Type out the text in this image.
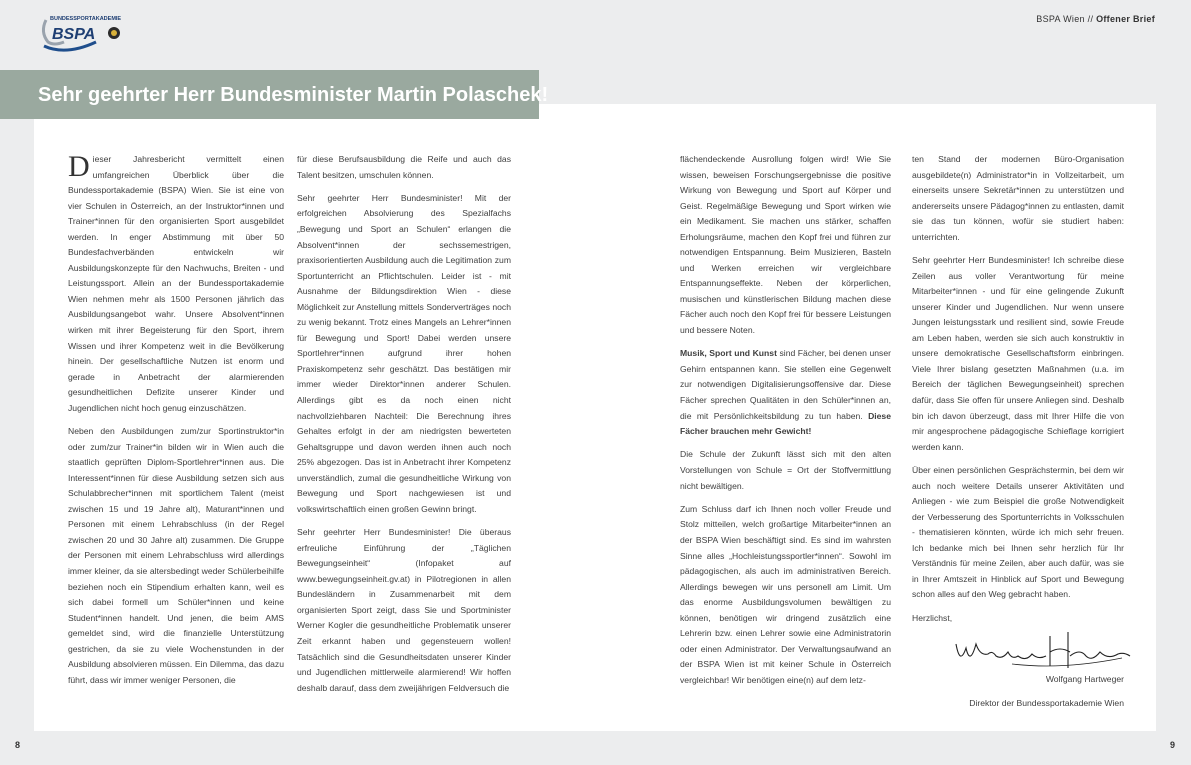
BUNDESSPORTAKADEMIE
BSPA
BSPA Wien // Offener Brief
Sehr geehrter Herr Bundesminister Martin Polaschek!

Dieser Jahresbericht vermittelt einen umfangreichen Überblick über die Bundessportakademie (BSPA) Wien. Sie ist eine von vier Schulen in Österreich, an der Instruktor*innen und Trainer*innen für den organisierten Sport ausgebildet werden. In enger Abstimmung mit über 50 Bundesfachverbänden entwickeln wir Ausbildungskonzepte für den Nachwuchs, Breiten - und Leistungssport. Allein an der Bundessportakademie Wien nehmen mehr als 1500 Personen jährlich das Ausbildungsangebot wahr. Unsere Absolvent*innen wirken mit ihrer Begeisterung für den Sport, ihrem Wissen und ihrer Kompetenz weit in die Bevölkerung hinein. Der gesellschaftliche Nutzen ist enorm und gerade in Anbetracht der alarmierenden gesundheitlichen Defizite unserer Kinder und Jugendlichen nicht hoch genug einzuschätzen.

Neben den Ausbildungen zum/zur Sportinstruktor*in oder zum/zur Trainer*in bilden wir in Wien auch die staatlich geprüften Diplom-Sportlehrer*innen aus. Die Interessent*innen für diese Ausbildung setzen sich aus Schulabbrecher*innen mit sportlichem Talent (meist zwischen 15 und 19 Jahre alt), Maturant*innen und Personen mit einem Lehrabschluss (in der Regel zwischen 20 und 30 Jahre alt) zusammen. Die Gruppe der Personen mit einem Lehrabschluss wird allerdings immer kleiner, da sie altersbedingt weder Schülerbeihilfe beziehen noch ein Stipendium erhalten kann, weil es sich dabei formell um Schüler*innen und keine Student*innen handelt. Und jenen, die beim AMS gemeldet sind, wird die finanzielle Unterstützung gestrichen, da sie zu viele Wochenstunden in der Ausbildung absolvieren müssen. Ein Dilemma, das dazu führt, dass wir immer weniger Personen, die

für diese Berufsausbildung die Reife und auch das Talent besitzen, umschulen können.

Sehr geehrter Herr Bundesminister! Mit der erfolgreichen Absolvierung des Spezialfachs „Bewegung und Sport an Schulen“ erlangen die Absolvent*innen der sechssemestrigen, praxisorientierten Ausbildung auch die Legitimation zum Sportunterricht an Pflichtschulen. Leider ist - mit Ausnahme der Bildungsdirektion Wien - diese Möglichkeit zur Anstellung mittels Sonderverträges noch zu wenig bekannt. Trotz eines Mangels an Lehrer*innen für Bewegung und Sport! Dabei werden unsere Sportlehrer*innen aufgrund ihrer hohen Praxiskompetenz sehr geschätzt. Das bestätigen mir immer wieder Direktor*innen anderer Schulen. Allerdings gibt es da noch einen nicht nachvollziehbaren Nachteil: Die Berechnung ihres Gehaltes erfolgt in der am niedrigsten bewerteten Gehaltsgruppe und davon werden ihnen auch noch 25% abgezogen. Das ist in Anbetracht ihrer Kompetenz unverständlich, zumal die gesundheitliche Wirkung von Bewegung und Sport nachgewiesen ist und volkswirtschaftlich einen großen Gewinn bringt.

Sehr geehrter Herr Bundesminister! Die überaus erfreuliche Einführung der „Täglichen Bewegungseinheit“ (Infopaket auf www.bewegungseinheit.gv.at) in Pilotregionen in allen Bundesländern in Zusammenarbeit mit dem organisierten Sport zeigt, dass Sie und Sportminister Werner Kogler die gesundheitliche Problematik unserer Zeit erkannt haben und gegensteuern wollen! Tatsächlich sind die Gesundheitsdaten unserer Kinder und Jugendlichen mittlerweile alarmierend! Wir hoffen deshalb darauf, dass dem zweijährigen Feldversuch die

flächendeckende Ausrollung folgen wird! Wie Sie wissen, beweisen Forschungsergebnisse die positive Wirkung von Bewegung und Sport auf Körper und Geist. Regelmäßige Bewegung und Sport wirken wie ein Medikament. Sie machen uns stärker, schaffen Erholungsräume, machen den Kopf frei und führen zur notwendigen Entspannung. Beim Musizieren, Basteln und Werken erreichen wir vergleichbare Entspannungseffekte. Neben der körperlichen, musischen und künstlerischen Bildung machen diese Fächer auch noch den Kopf frei für bessere Leistungen und bessere Noten.

Musik, Sport und Kunst sind Fächer, bei denen unser Gehirn entspannen kann. Sie stellen eine Gegenwelt zur notwendigen Digitalisierungsoffensive dar. Diese Fächer sprechen Qualitäten in den Schüler*innen an, die mit Persönlichkeitsbildung zu tun haben. Diese Fächer brauchen mehr Gewicht!

Die Schule der Zukunft lässt sich mit den alten Vorstellungen von Schule = Ort der Stoffvermittlung nicht bewältigen.

Zum Schluss darf ich Ihnen noch voller Freude und Stolz mitteilen, welch großartige Mitarbeiter*innen an der BSPA Wien beschäftigt sind. Es sind im wahrsten Sinne alles „Hochleistungssportler*innen“. Sowohl im pädagogischen, als auch im administrativen Bereich. Allerdings bewegen wir uns personell am Limit. Um das enorme Ausbildungsvolumen bewältigen zu können, benötigen wir dringend zusätzlich eine Lehrerin bzw. einen Lehrer sowie eine Administratorin oder einen Administrator. Der Verwaltungsaufwand an der BSPA Wien ist mit keiner Schule in Österreich vergleichbar! Wir benötigen eine(n) auf dem letz-

ten Stand der modernen Büro-Organisation ausgebildete(n) Administrator*in in Vollzeitarbeit, um einerseits unsere Sekretär*innen zu unterstützen und andererseits unsere Pädagog*innen zu entlasten, damit sie das tun können, wofür sie studiert haben: unterrichten.

Sehr geehrter Herr Bundesminister! Ich schreibe diese Zeilen aus voller Verantwortung für meine Mitarbeiter*innen - und für eine gelingende Zukunft unserer Kinder und Jugendlichen. Nur wenn unsere Jungen leistungsstark und resilient sind, sowie Freude am Leben haben, werden sie sich auch konstruktiv in unsere demokratische Gesellschaftsform einbringen. Viele Ihrer bislang gesetzten Maßnahmen (u.a. im Bereich der täglichen Bewegungseinheit) sprechen dafür, dass Sie offen für unsere Anliegen sind. Deshalb bin ich davon überzeugt, dass mit Ihrer Hilfe die von mir angesprochene pädagogische Schieflage korrigiert werden kann.

Über einen persönlichen Gesprächstermin, bei dem wir auch noch weitere Details unserer Aktivitäten und Anliegen - wie zum Beispiel die große Notwendigkeit der Verbesserung des Sportunterrichts in Volksschulen - thematisieren könnten, würde ich mich sehr freuen. Ich bedanke mich bei Ihnen sehr herzlich für Ihr Verständnis für meine Zeilen, aber auch dafür, was sie in Ihrer Amtszeit in Hinblick auf Sport und Bewegung schon alles auf den Weg gebracht haben.

Herzlichst,

Wolfgang Hartweger

Direktor der Bundessportakademie Wien

8	9
